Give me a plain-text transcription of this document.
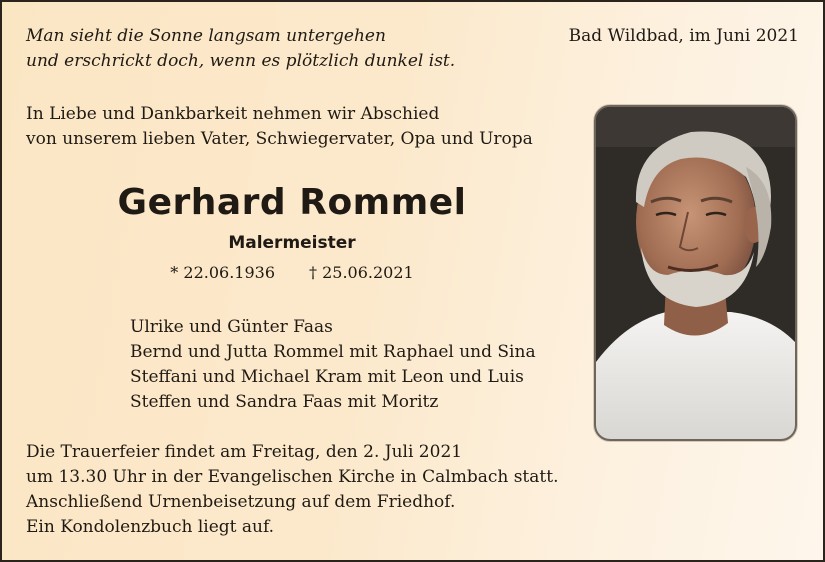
Man sieht die Sonne langsam untergehen
und erschrickt doch, wenn es plötzlich dunkel ist.
Bad Wildbad, im Juni 2021
In Liebe und Dankbarkeit nehmen wir Abschied
von unserem lieben Vater, Schwiegervater, Opa und Uropa
Gerhard Rommel
Malermeister
* 22.06.1936 † 25.06.2021
Ulrike und Günter Faas
Bernd und Jutta Rommel mit Raphael und Sina
Steffani und Michael Kram mit Leon und Luis
Steffen und Sandra Faas mit Moritz
Die Trauerfeier findet am Freitag, den 2. Juli 2021
um 13.30 Uhr in der Evangelischen Kirche in Calmbach statt.
Anschließend Urnenbeisetzung auf dem Friedhof.
Ein Kondolenzbuch liegt auf.
